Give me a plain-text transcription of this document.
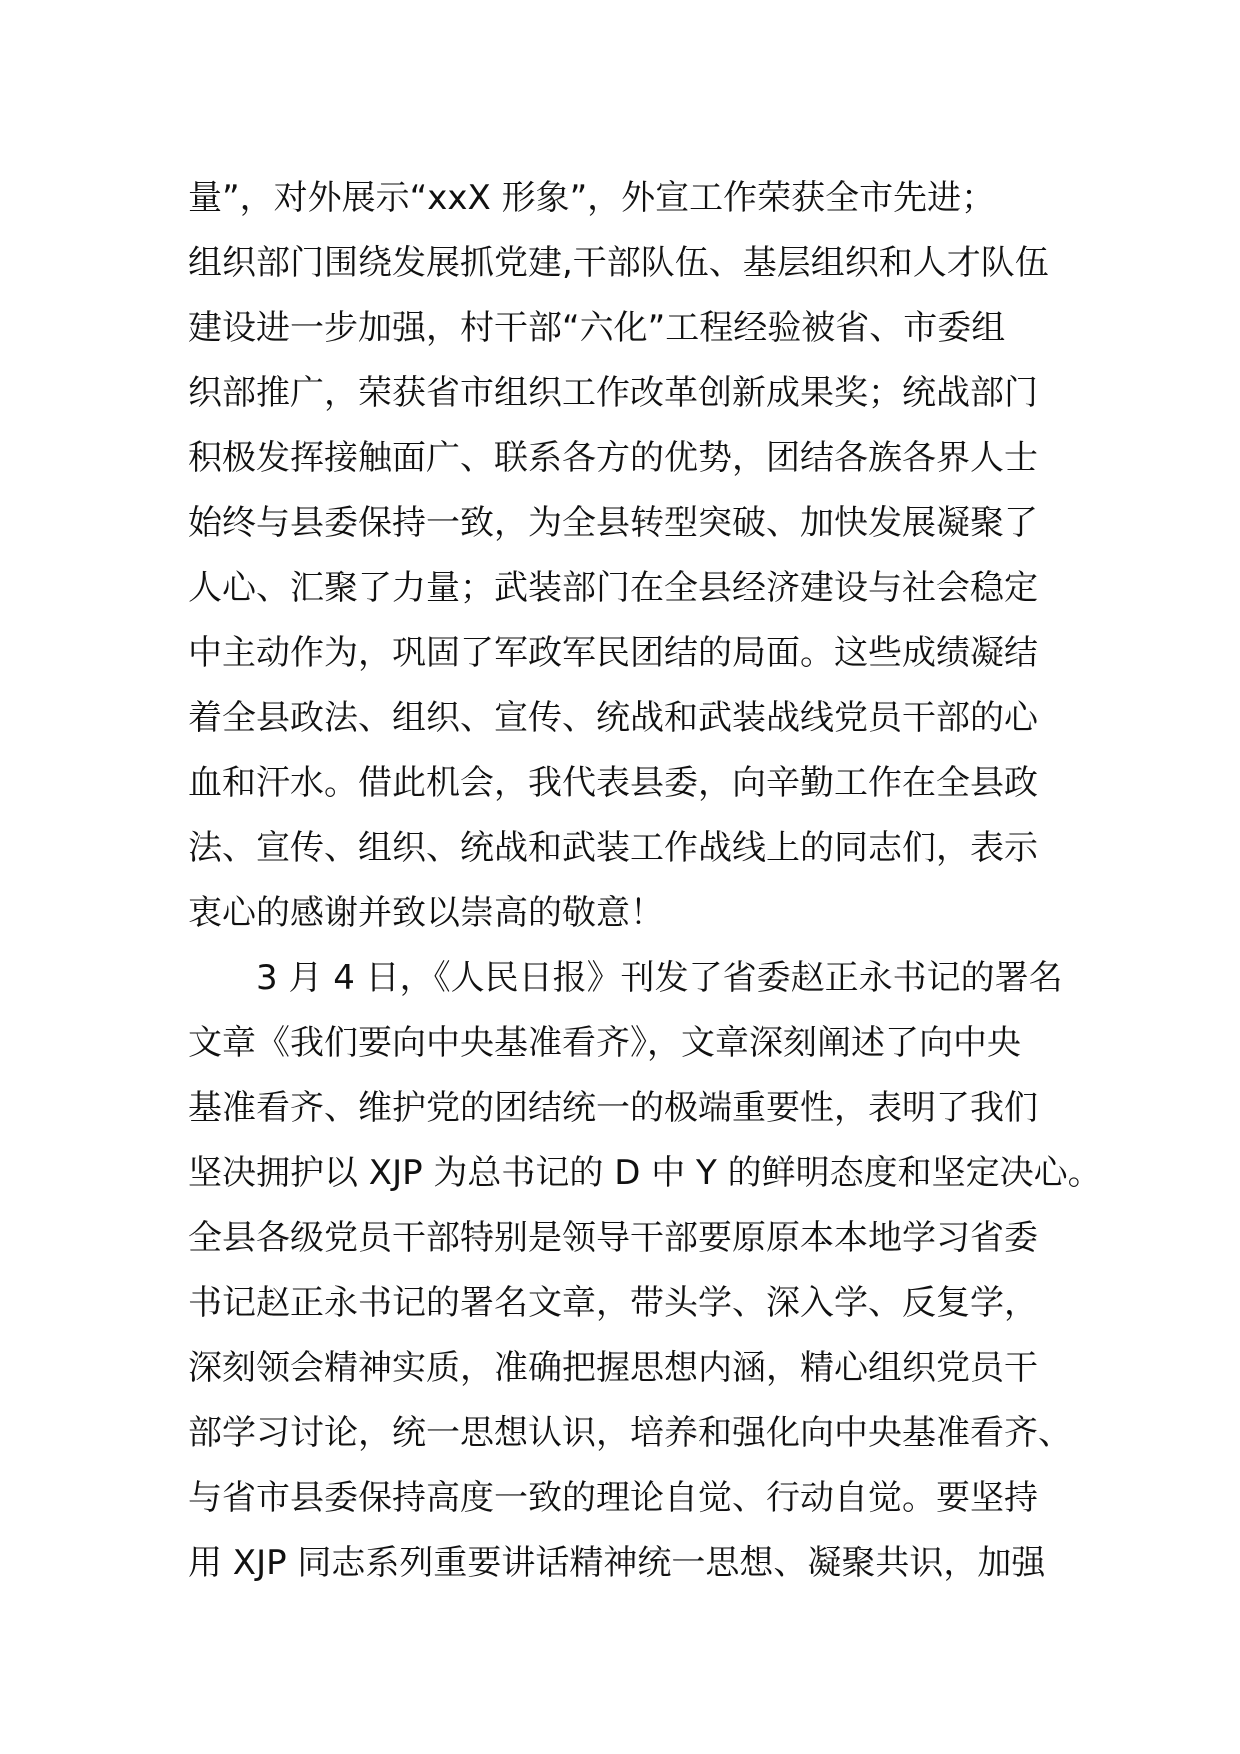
量”，对外展示“xxX 形象”，外宣工作荣获全市先进；
组织部门围绕发展抓党建,干部队伍、基层组织和人才队伍
建设进一步加强，村干部“六化”工程经验被省、市委组
织部推广，荣获省市组织工作改革创新成果奖；统战部门
积极发挥接触面广、联系各方的优势，团结各族各界人士
始终与县委保持一致，为全县转型突破、加快发展凝聚了
人心、汇聚了力量；武装部门在全县经济建设与社会稳定
中主动作为，巩固了军政军民团结的局面。这些成绩凝结
着全县政法、组织、宣传、统战和武装战线党员干部的心
血和汗水。借此机会，我代表县委，向辛勤工作在全县政
法、宣传、组织、统战和武装工作战线上的同志们，表示
衷心的感谢并致以崇高的敬意！
3 月 4 日，《人民日报》刊发了省委赵正永书记的署名
文章《我们要向中央基准看齐》，文章深刻阐述了向中央
基准看齐、维护党的团结统一的极端重要性，表明了我们
坚决拥护以 XJP 为总书记的 D 中 Y 的鲜明态度和坚定决心。
全县各级党员干部特别是领导干部要原原本本地学习省委
书记赵正永书记的署名文章，带头学、深入学、反复学，
深刻领会精神实质，准确把握思想内涵，精心组织党员干
部学习讨论，统一思想认识，培养和强化向中央基准看齐、
与省市县委保持高度一致的理论自觉、行动自觉。要坚持
用 XJP 同志系列重要讲话精神统一思想、凝聚共识，加强
